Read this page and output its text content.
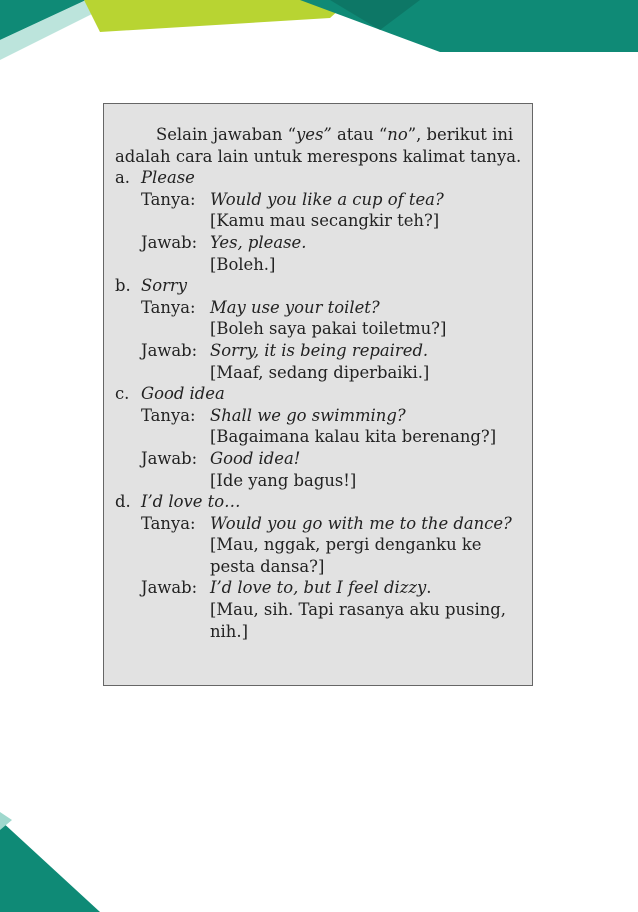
Selain jawaban “yes” atau “no”, berikut ini adalah cara lain untuk merespons kalimat tanya.

a. Please
Tanya: Would you like a cup of tea?
[Kamu mau secangkir teh?]
Jawab: Yes, please.
[Boleh.]
b. Sorry
Tanya: May use your toilet?
[Boleh saya pakai toiletmu?]
Jawab: Sorry, it is being repaired.
[Maaf, sedang diperbaiki.]
c. Good idea
Tanya: Shall we go swimming?
[Bagaimana kalau kita berenang?]
Jawab: Good idea!
[Ide yang bagus!]
d. I’d love to…
Tanya: Would you go with me to the dance?
[Mau, nggak, pergi denganku ke pesta dansa?]
Jawab: I’d love to, but I feel dizzy.
[Mau, sih. Tapi rasanya aku pusing, nih.]
